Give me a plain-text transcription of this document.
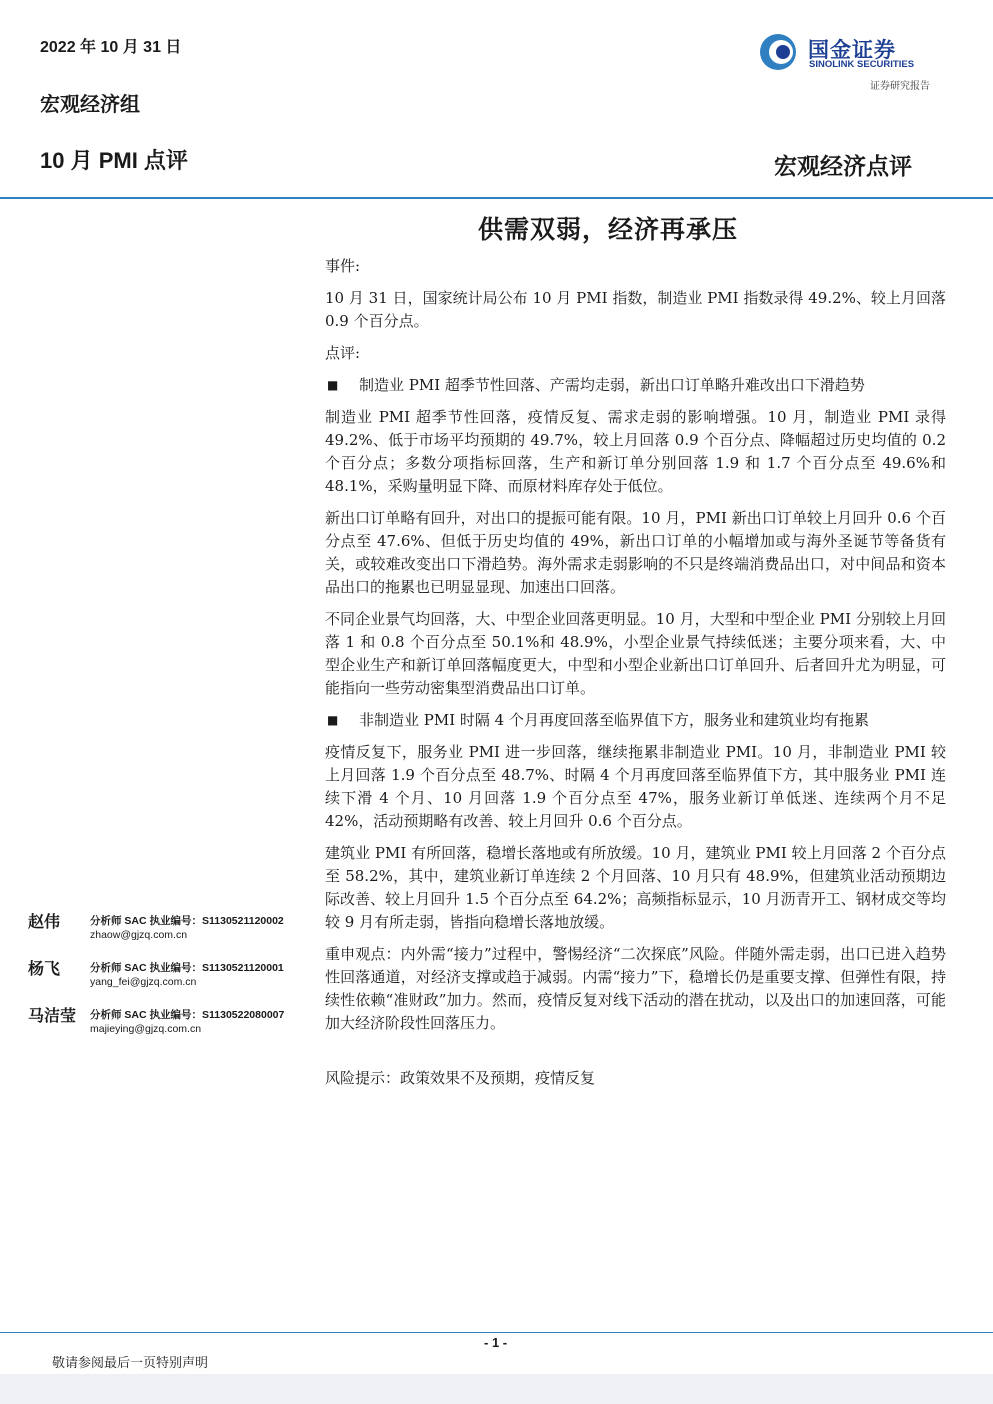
2022 年 10 月 31 日
宏观经济组
10 月 PMI 点评
国金证券
SINOLINK SECURITIES
证券研究报告
宏观经济点评
供需双弱，经济再承压

事件:

10 月 31 日，国家统计局公布 10 月 PMI 指数，制造业 PMI 指数录得 49.2%、较上月回落 0.9 个百分点。

点评:

■ 制造业 PMI 超季节性回落、产需均走弱，新出口订单略升难改出口下滑趋势

制造业 PMI 超季节性回落，疫情反复、需求走弱的影响增强。10 月，制造业 PMI 录得 49.2%、低于市场平均预期的 49.7%，较上月回落 0.9 个百分点、降幅超过历史均值的 0.2 个百分点；多数分项指标回落，生产和新订单分别回落 1.9 和 1.7 个百分点至 49.6%和 48.1%，采购量明显下降、而原材料库存处于低位。

新出口订单略有回升，对出口的提振可能有限。10 月，PMI 新出口订单较上月回升 0.6 个百分点至 47.6%、但低于历史均值的 49%，新出口订单的小幅增加或与海外圣诞节等备货有关，或较难改变出口下滑趋势。海外需求走弱影响的不只是终端消费品出口，对中间品和资本品出口的拖累也已明显显现、加速出口回落。

不同企业景气均回落，大、中型企业回落更明显。10 月，大型和中型企业 PMI 分别较上月回落 1 和 0.8 个百分点至 50.1%和 48.9%，小型企业景气持续低迷；主要分项来看，大、中型企业生产和新订单回落幅度更大，中型和小型企业新出口订单回升、后者回升尤为明显，可能指向一些劳动密集型消费品出口订单。

■ 非制造业 PMI 时隔 4 个月再度回落至临界值下方，服务业和建筑业均有拖累

疫情反复下，服务业 PMI 进一步回落，继续拖累非制造业 PMI。10 月，非制造业 PMI 较上月回落 1.9 个百分点至 48.7%、时隔 4 个月再度回落至临界值下方，其中服务业 PMI 连续下滑 4 个月、10 月回落 1.9 个百分点至 47%，服务业新订单低迷、连续两个月不足 42%，活动预期略有改善、较上月回升 0.6 个百分点。

建筑业 PMI 有所回落，稳增长落地或有所放缓。10 月，建筑业 PMI 较上月回落 2 个百分点至 58.2%，其中，建筑业新订单连续 2 个月回落、10 月只有 48.9%，但建筑业活动预期边际改善、较上月回升 1.5 个百分点至 64.2%；高频指标显示，10 月沥青开工、钢材成交等均较 9 月有所走弱，皆指向稳增长落地放缓。

重申观点：内外需“接力”过程中，警惕经济“二次探底”风险。伴随外需走弱，出口已进入趋势性回落通道，对经济支撑或趋于减弱。内需“接力”下，稳增长仍是重要支撑、但弹性有限，持续性依赖“准财政”加力。然而，疫情反复对线下活动的潜在扰动，以及出口的加速回落，可能加大经济阶段性回落压力。

风险提示：政策效果不及预期，疫情反复

赵伟	分析师 SAC 执业编号：S1130521120002
zhaow@gjzq.com.cn
杨飞	分析师 SAC 执业编号：S1130521120001
yang_fei@gjzq.com.cn
马洁莹 分析师 SAC 执业编号：S1130522080007
majieying@gjzq.com.cn
- 1 -
敬请参阅最后一页特别声明
